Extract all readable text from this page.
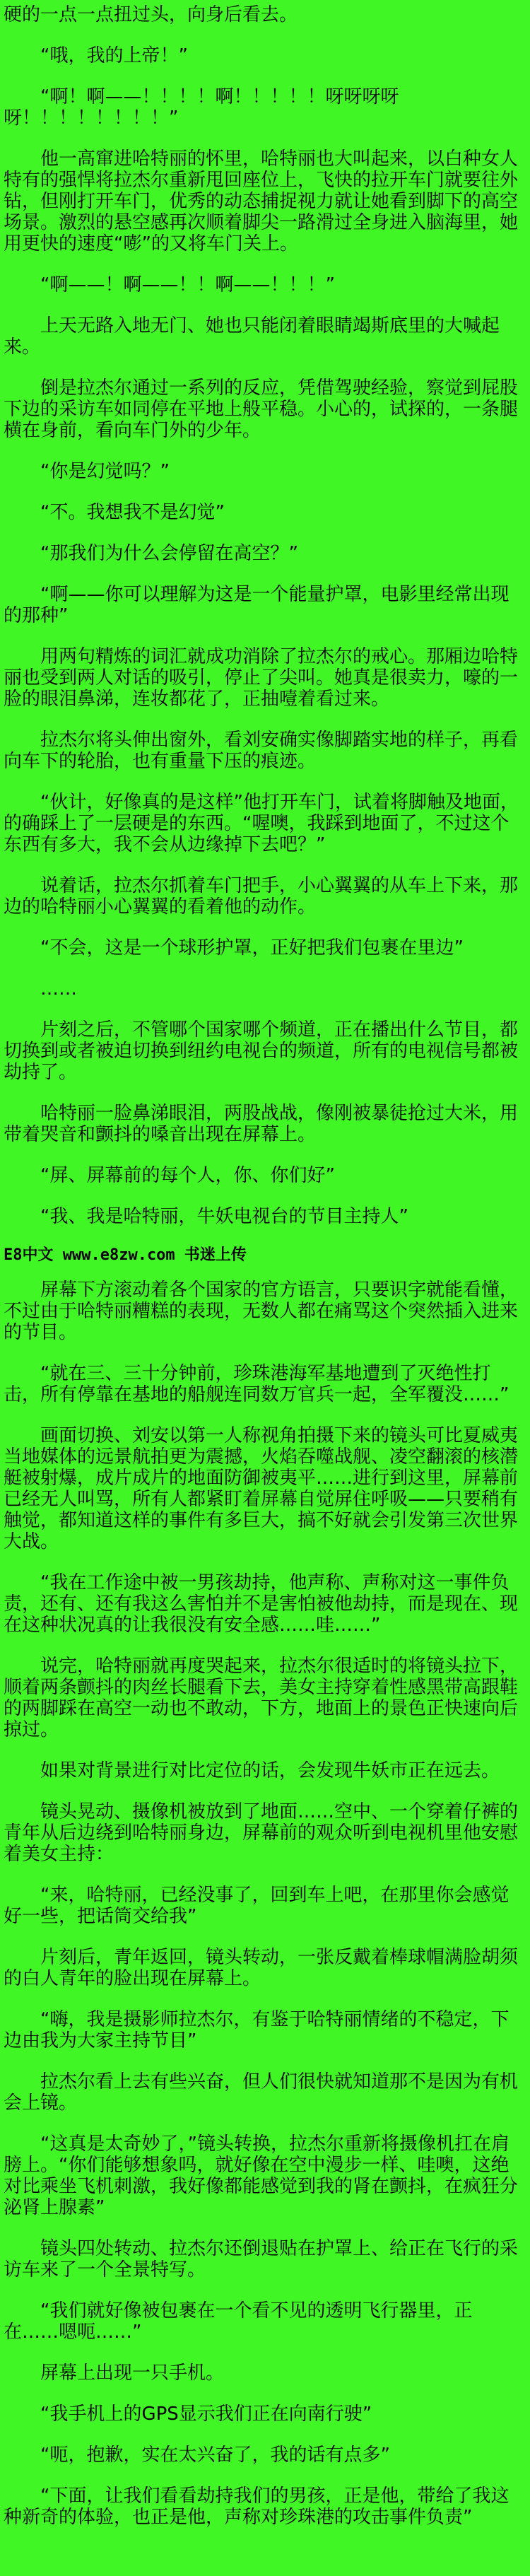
硬的一点一点扭过头，向身后看去。

“哦，我的上帝！”

“啊！啊——！！！！啊！！！！！呀呀呀呀呀！！！！！！！！”

他一高窜进哈特丽的怀里，哈特丽也大叫起来，以白种女人特有的强悍将拉杰尔重新甩回座位上，飞快的拉开车门就要往外钻，但刚打开车门，优秀的动态捕捉视力就让她看到脚下的高空场景。激烈的悬空感再次顺着脚尖一路滑过全身进入脑海里，她用更快的速度“嘭”的又将车门关上。

“啊——！啊——！！啊——！！！”

上天无路入地无门、她也只能闭着眼睛竭斯底里的大喊起来。

倒是拉杰尔通过一系列的反应，凭借驾驶经验，察觉到屁股下边的采访车如同停在平地上般平稳。小心的，试探的，一条腿横在身前，看向车门外的少年。

“你是幻觉吗？”

“不。我想我不是幻觉”

“那我们为什么会停留在高空？”

“啊——你可以理解为这是一个能量护罩，电影里经常出现的那种”

用两句精炼的词汇就成功消除了拉杰尔的戒心。那厢边哈特丽也受到两人对话的吸引，停止了尖叫。她真是很卖力，嚎的一脸的眼泪鼻涕，连妆都花了，正抽噎着看过来。

拉杰尔将头伸出窗外，看刘安确实像脚踏实地的样子，再看向车下的轮胎，也有重量下压的痕迹。

“伙计，好像真的是这样”他打开车门，试着将脚触及地面，的确踩上了一层硬是的东西。“喔噢，我踩到地面了，不过这个东西有多大，我不会从边缘掉下去吧？”

说着话，拉杰尔抓着车门把手，小心翼翼的从车上下来，那边的哈特丽小心翼翼的看着他的动作。

“不会，这是一个球形护罩，正好把我们包裹在里边”

……

片刻之后，不管哪个国家哪个频道，正在播出什么节目，都切换到或者被迫切换到纽约电视台的频道，所有的电视信号都被劫持了。

哈特丽一脸鼻涕眼泪，两股战战，像刚被暴徒抢过大米，用带着哭音和颤抖的嗓音出现在屏幕上。

“屏、屏幕前的每个人，你、你们好”

“我、我是哈特丽，牛妖电视台的节目主持人”

E8中文 www.e8zw.com 书迷上传

屏幕下方滚动着各个国家的官方语言，只要识字就能看懂，不过由于哈特丽糟糕的表现，无数人都在痛骂这个突然插入进来的节目。

“就在三、三十分钟前，珍珠港海军基地遭到了灭绝性打击，所有停靠在基地的船舰连同数万官兵一起，全军覆没……”

画面切换、刘安以第一人称视角拍摄下来的镜头可比夏威夷当地媒体的远景航拍更为震撼，火焰吞噬战舰、凌空翻滚的核潜艇被射爆，成片成片的地面防御被夷平……进行到这里，屏幕前已经无人叫骂，所有人都紧盯着屏幕自觉屏住呼吸——只要稍有触觉，都知道这样的事件有多巨大，搞不好就会引发第三次世界大战。

“我在工作途中被一男孩劫持，他声称、声称对这一事件负责，还有、还有我这么害怕并不是害怕被他劫持，而是现在、现在这种状况真的让我很没有安全感……哇……”

说完，哈特丽就再度哭起来，拉杰尔很适时的将镜头拉下，顺着两条颤抖的肉丝长腿看下去，美女主持穿着性感黑带高跟鞋的两脚踩在高空一动也不敢动，下方，地面上的景色正快速向后掠过。

如果对背景进行对比定位的话，会发现牛妖市正在远去。

镜头晃动、摄像机被放到了地面……空中、一个穿着仔裤的青年从后边绕到哈特丽身边，屏幕前的观众听到电视机里他安慰着美女主持：

“来，哈特丽，已经没事了，回到车上吧，在那里你会感觉好一些，把话筒交给我”

片刻后，青年返回，镜头转动，一张反戴着棒球帽满脸胡须的白人青年的脸出现在屏幕上。

“嗨，我是摄影师拉杰尔，有鉴于哈特丽情绪的不稳定，下边由我为大家主持节目”

拉杰尔看上去有些兴奋，但人们很快就知道那不是因为有机会上镜。

“这真是太奇妙了，”镜头转换，拉杰尔重新将摄像机扛在肩膀上。“你们能够想象吗，就好像在空中漫步一样、哇噢，这绝对比乘坐飞机刺激，我好像都能感觉到我的肾在颤抖，在疯狂分泌肾上腺素”

镜头四处转动、拉杰尔还倒退贴在护罩上、给正在飞行的采访车来了一个全景特写。

“我们就好像被包裹在一个看不见的透明飞行器里，正在……嗯呃……”

屏幕上出现一只手机。

“我手机上的GPS显示我们正在向南行驶”

“呃，抱歉，实在太兴奋了，我的话有点多”

“下面，让我们看看劫持我们的男孩，正是他，带给了我这种新奇的体验，也正是他，声称对珍珠港的攻击事件负责”
